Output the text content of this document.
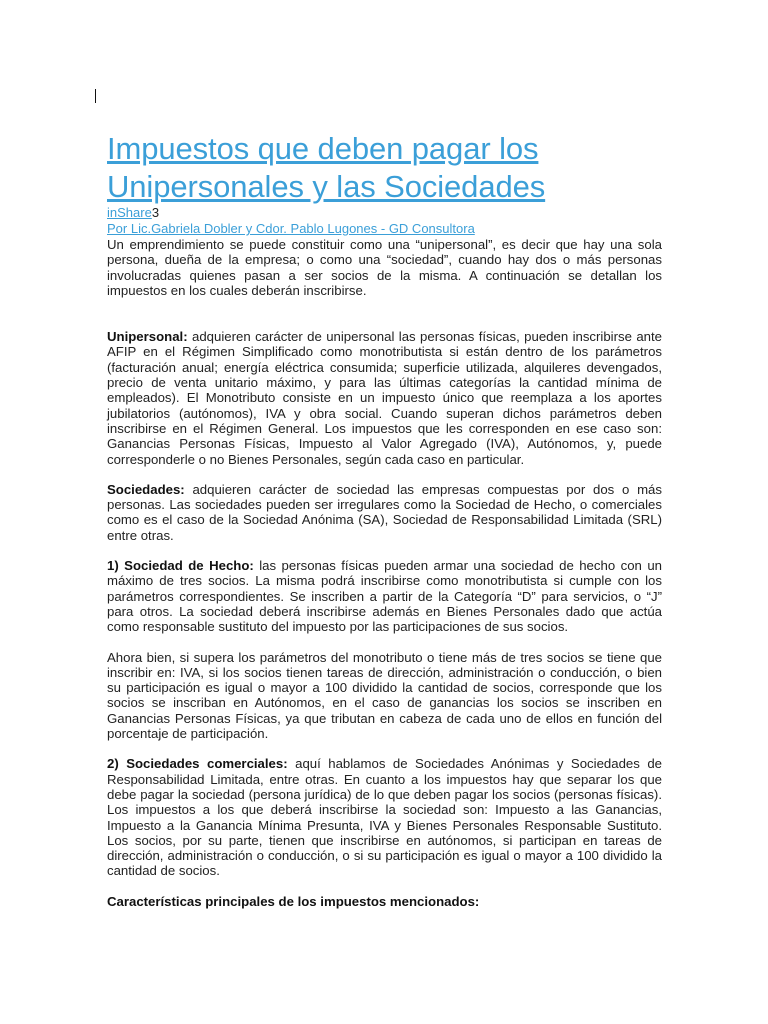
Impuestos que deben pagar los Unipersonales y las Sociedades
inShare3
Por Lic.Gabriela Dobler y Cdor. Pablo Lugones - GD Consultora

Un emprendimiento se puede constituir como una “unipersonal”, es decir que hay una sola persona, dueña de la empresa; o como una “sociedad”, cuando hay dos o más personas involucradas quienes pasan a ser socios de la misma. A continuación se detallan los impuestos en los cuales deberán inscribirse.

Unipersonal: adquieren carácter de unipersonal las personas físicas, pueden inscribirse ante AFIP en el Régimen Simplificado como monotributista si están dentro de los parámetros (facturación anual; energía eléctrica consumida; superficie utilizada, alquileres devengados, precio de venta unitario máximo, y para las últimas categorías la cantidad mínima de empleados). El Monotributo consiste en un impuesto único que reemplaza a los aportes jubilatorios (autónomos), IVA y obra social. Cuando superan dichos parámetros deben inscribirse en el Régimen General. Los impuestos que les corresponden en ese caso son: Ganancias Personas Físicas, Impuesto al Valor Agregado (IVA), Autónomos, y, puede corresponderle o no Bienes Personales, según cada caso en particular.

Sociedades: adquieren carácter de sociedad las empresas compuestas por dos o más personas. Las sociedades pueden ser irregulares como la Sociedad de Hecho, o comerciales como es el caso de la Sociedad Anónima (SA), Sociedad de Responsabilidad Limitada (SRL) entre otras.

1) Sociedad de Hecho: las personas físicas pueden armar una sociedad de hecho con un máximo de tres socios. La misma podrá inscribirse como monotributista si cumple con los parámetros correspondientes. Se inscriben a partir de la Categoría “D” para servicios, o “J” para otros. La sociedad deberá inscribirse además en Bienes Personales dado que actúa como responsable sustituto del impuesto por las participaciones de sus socios.

Ahora bien, si supera los parámetros del monotributo o tiene más de tres socios se tiene que inscribir en: IVA, si los socios tienen tareas de dirección, administración o conducción, o bien su participación es igual o mayor a 100 dividido la cantidad de socios, corresponde que los socios se inscriban en Autónomos, en el caso de ganancias los socios se inscriben en Ganancias Personas Físicas, ya que tributan en cabeza de cada uno de ellos en función del porcentaje de participación.

2) Sociedades comerciales: aquí hablamos de Sociedades Anónimas y Sociedades de Responsabilidad Limitada, entre otras. En cuanto a los impuestos hay que separar los que debe pagar la sociedad (persona jurídica) de lo que deben pagar los socios (personas físicas). Los impuestos a los que deberá inscribirse la sociedad son: Impuesto a las Ganancias, Impuesto a la Ganancia Mínima Presunta, IVA y Bienes Personales Responsable Sustituto. Los socios, por su parte, tienen que inscribirse en autónomos, si participan en tareas de dirección, administración o conducción, o si su participación es igual o mayor a 100 dividido la cantidad de socios.

Características principales de los impuestos mencionados:
